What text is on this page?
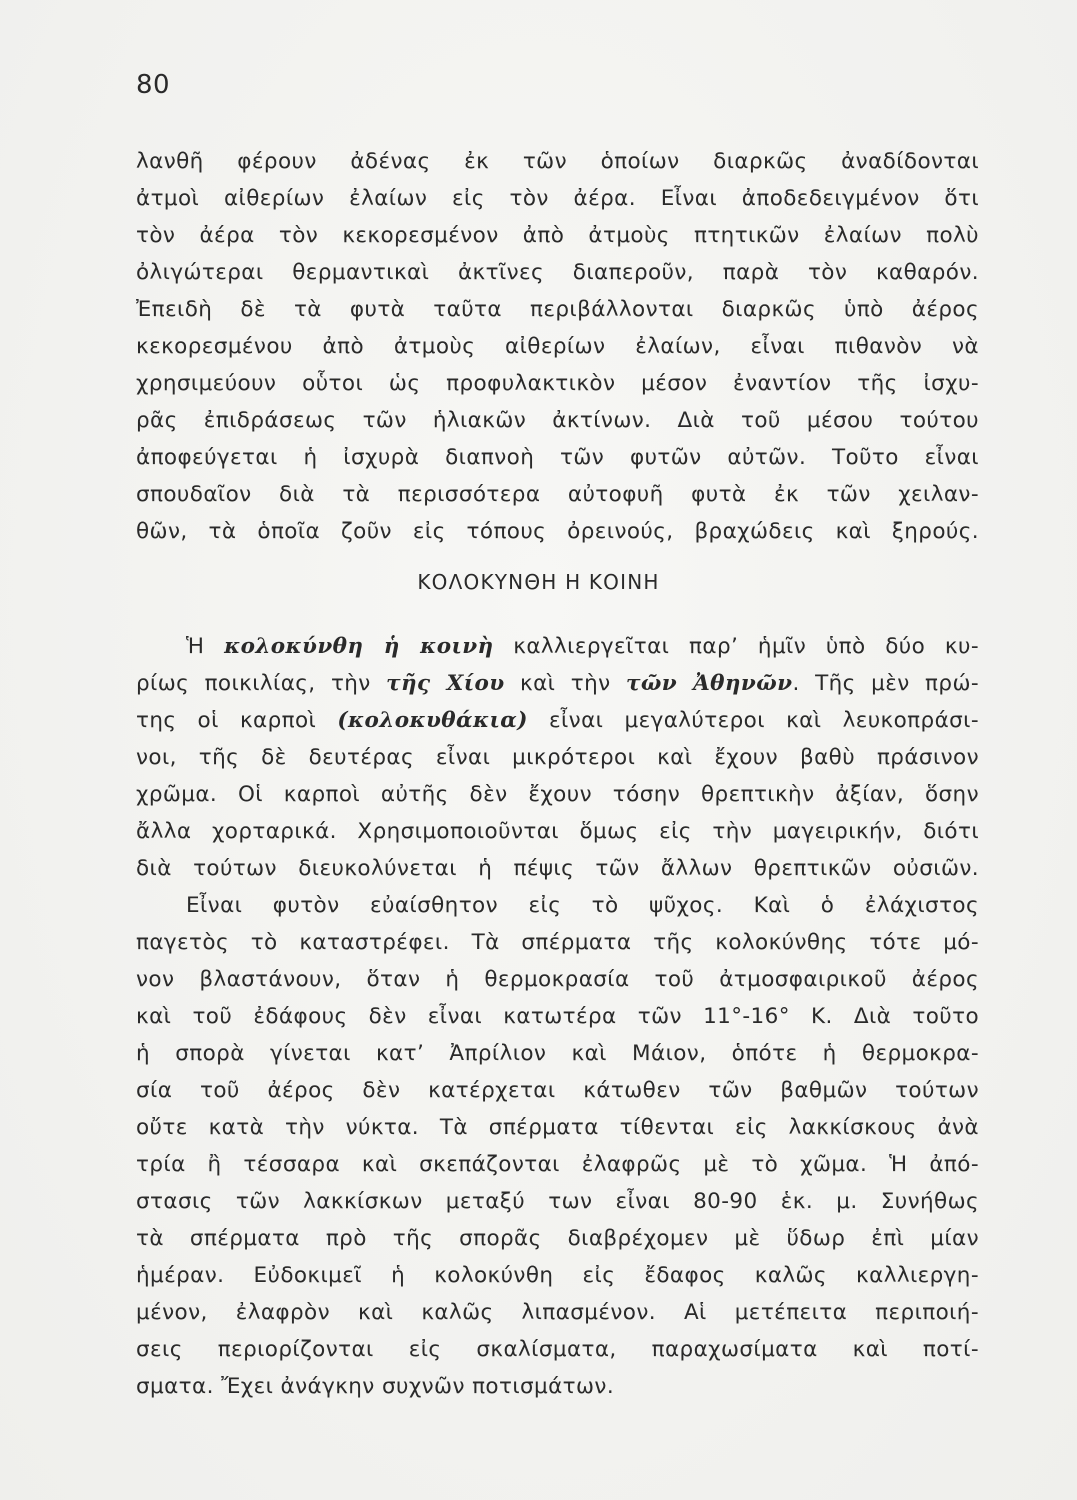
80
λανθῆ φέρουν ἀδένας ἐκ τῶν ὁποίων διαρκῶς ἀναδίδονται
ἀτμοὶ αἰθερίων ἐλαίων εἰς τὸν ἀέρα. Εἶναι ἀποδεδειγμένον ὅτι
τὸν ἀέρα τὸν κεκορεσμένον ἀπὸ ἀτμοὺς πτητικῶν ἐλαίων πολὺ
ὀλιγώτεραι θερμαντικαὶ ἀκτῖνες διαπεροῦν, παρὰ τὸν καθαρόν.
Ἐπειδὴ δὲ τὰ φυτὰ ταῦτα περιβάλλονται διαρκῶς ὑπὸ ἀέρος
κεκορεσμένου ἀπὸ ἀτμοὺς αἰθερίων ἐλαίων, εἶναι πιθανὸν νὰ
χρησιμεύουν οὗτοι ὡς προφυλακτικὸν μέσον ἐναντίον τῆς ἰσχυ-
ρᾶς ἐπιδράσεως τῶν ἡλιακῶν ἀκτίνων. Διὰ τοῦ μέσου τούτου
ἀποφεύγεται ἡ ἰσχυρὰ διαπνοὴ τῶν φυτῶν αὐτῶν. Τοῦτο εἶναι
σπουδαῖον διὰ τὰ περισσότερα αὐτοφυῆ φυτὰ ἐκ τῶν χειλαν-
θῶν, τὰ ὁποῖα ζοῦν εἰς τόπους ὀρεινούς, βραχώδεις καὶ ξηρούς.
ΚΟΛΟΚΥΝΘΗ Η ΚΟΙΝΗ
Ἡ κολοκύνθη ἡ κοινὴ καλλιεργεῖται παρ’ ἡμῖν ὑπὸ δύο κυ-
ρίως ποικιλίας, τὴν τῆς Χίου καὶ τὴν τῶν Ἀθηνῶν. Τῆς μὲν πρώ-
της οἱ καρποὶ (κολοκυθάκια) εἶναι μεγαλύτεροι καὶ λευκοπράσι-
νοι, τῆς δὲ δευτέρας εἶναι μικρότεροι καὶ ἔχουν βαθὺ πράσινον
χρῶμα. Οἱ καρποὶ αὐτῆς δὲν ἔχουν τόσην θρεπτικὴν ἀξίαν, ὅσην
ἄλλα χορταρικά. Χρησιμοποιοῦνται ὅμως εἰς τὴν μαγειρικήν, διότι
διὰ τούτων διευκολύνεται ἡ πέψις τῶν ἄλλων θρεπτικῶν οὐσιῶν.
Εἶναι φυτὸν εὐαίσθητον εἰς τὸ ψῦχος. Καὶ ὁ ἐλάχιστος
παγετὸς τὸ καταστρέφει. Τὰ σπέρματα τῆς κολοκύνθης τότε μό-
νον βλαστάνουν, ὅταν ἡ θερμοκρασία τοῦ ἀτμοσφαιρικοῦ ἀέρος
καὶ τοῦ ἐδάφους δὲν εἶναι κατωτέρα τῶν 11°-16° Κ. Διὰ τοῦτο
ἡ σπορὰ γίνεται κατ’ Ἀπρίλιον καὶ Μάιον, ὁπότε ἡ θερμοκρα-
σία τοῦ ἀέρος δὲν κατέρχεται κάτωθεν τῶν βαθμῶν τούτων
οὔτε κατὰ τὴν νύκτα. Τὰ σπέρματα τίθενται εἰς λακκίσκους ἀνὰ
τρία ἢ τέσσαρα καὶ σκεπάζονται ἐλαφρῶς μὲ τὸ χῶμα. Ἡ ἀπό-
στασις τῶν λακκίσκων μεταξύ των εἶναι 80-90 ἑκ. μ. Συνήθως
τὰ σπέρματα πρὸ τῆς σπορᾶς διαβρέχομεν μὲ ὕδωρ ἐπὶ μίαν
ἡμέραν. Εὐδοκιμεῖ ἡ κολοκύνθη εἰς ἔδαφος καλῶς καλλιεργη-
μένον, ἐλαφρὸν καὶ καλῶς λιπασμένον. Αἱ μετέπειτα περιποιή-
σεις περιορίζονται εἰς σκαλίσματα, παραχωσίματα καὶ ποτί-
σματα. Ἔχει ἀνάγκην συχνῶν ποτισμάτων.
